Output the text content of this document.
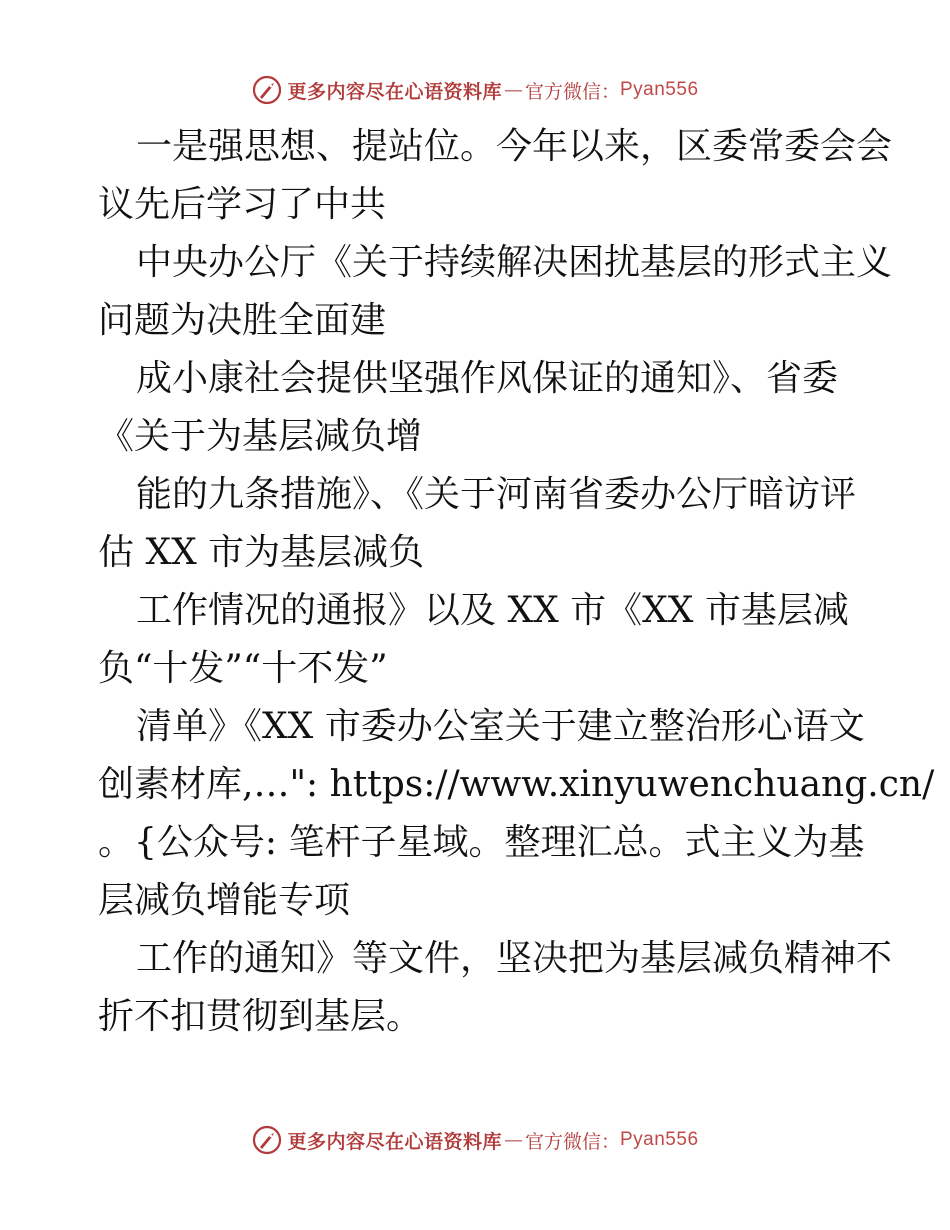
更多内容尽在心语资料库 — 官方微信： Pyan556
一是强思想、提站位。今年以来，区委常委会会
议先后学习了中共
中央办公厅《关于持续解决困扰基层的形式主义
问题为决胜全面建
成小康社会提供坚强作风保证的通知》、省委
《关于为基层减负增
能的九条措施》、《关于河南省委办公厅暗访评
估 XX 市为基层减负
工作情况的通报》以及 XX 市《XX 市基层减
负“十发”“十不发”
清单》《XX 市委办公室关于建立整治形心语文
创素材库,…": https://www.xinyuwenchuang.cn/
。{公众号: 笔杆子星域。整理汇总。式主义为基
层减负增能专项
工作的通知》等文件，坚决把为基层减负精神不
折不扣贯彻到基层。
更多内容尽在心语资料库 — 官方微信： Pyan556
